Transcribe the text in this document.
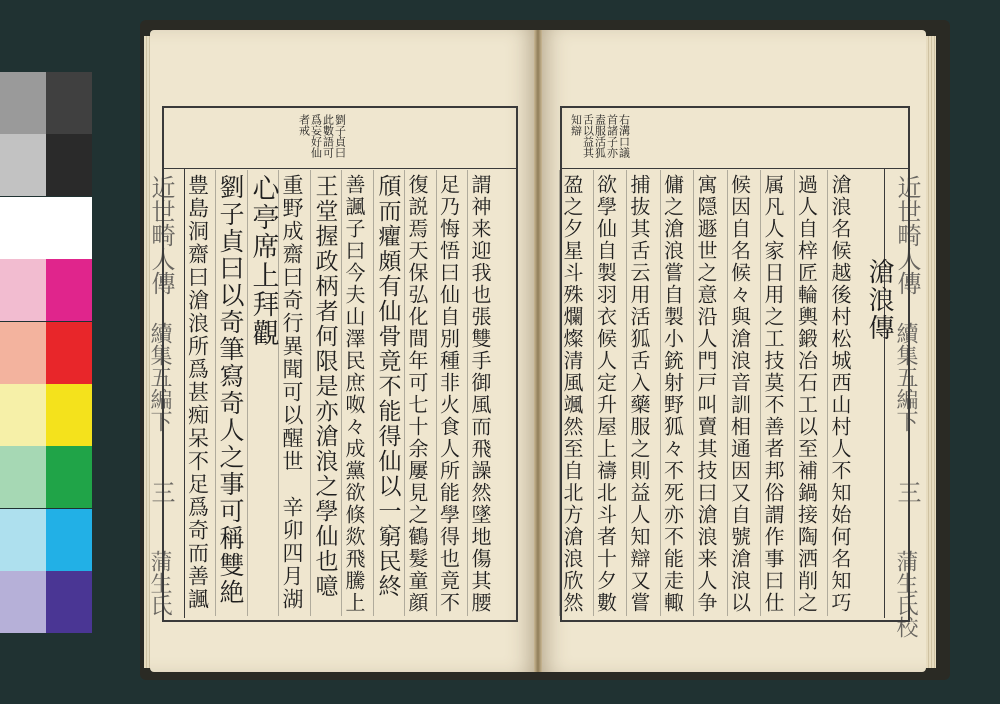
劉子貞曰
此數語可
爲妄好仙
者戒
近世畸人傳
續集五編下
三
蒲生氏	謂神来迎我也張雙手御風而飛譟然墜地傷其腰
足乃悔悟曰仙自別種非火食人所能學得也竟不
復説焉天保弘化間年可七十余屢見之鶴髮童顔
頎而癯頗有仙骨竟不能得仙以一窮民終
善諷子曰今夫山澤民庶呶々成黨欲倏欻飛騰上
王堂握政柄者何限是亦滄浪之學仙也噫
重野成齋曰奇行異聞可以醒世　辛卯四月湖
心亭席上拜觀
劉子貞曰以奇筆寫奇人之事可稱雙絶
豊島洞齋曰滄浪所爲甚痴呆不足爲奇而善諷
右溝口議
首諸子亦
盍服活狐
舌以益其
知辯
滄浪傳
近世畸人傳
續集五編下
三
蒲生氏校
滄浪名候越後村松城西山村人不知始何名知巧
過人自梓匠輪輿鍛冶石工以至補鍋接陶洒削之
属凡人家日用之工技莫不善者邦俗謂作事曰仕
候因自名候々與滄浪音訓相通因又自號滄浪以
寓隠遯世之意沿人門戸叫賣其技曰滄浪来人争
傭之滄浪嘗自製小銃射野狐々不死亦不能走輙
捕抜其舌云用活狐舌入藥服之則益人知辯又嘗
欲學仙自製羽衣候人定升屋上禱北斗者十夕數
盈之夕星斗殊爛燦清風颯然至自北方滄浪欣然
